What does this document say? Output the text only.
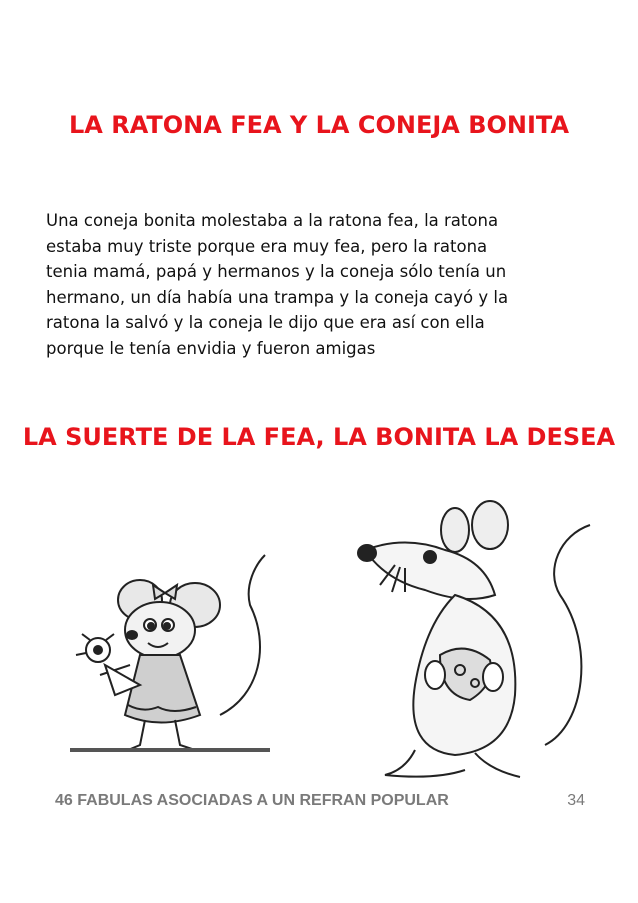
LA RATONA FEA Y LA CONEJA BONITA
Una coneja bonita molestaba a la ratona fea, la ratona
estaba muy triste porque era muy fea, pero la ratona
tenia mamá, papá y hermanos y la coneja sólo tenía un
hermano, un día había una trampa y la coneja cayó y la
ratona la salvó y la coneja le dijo que era así con ella
porque le tenía envidia y fueron amigas
LA SUERTE DE LA FEA, LA BONITA LA DESEA
46 FABULAS ASOCIADAS A UN REFRAN POPULAR	34
